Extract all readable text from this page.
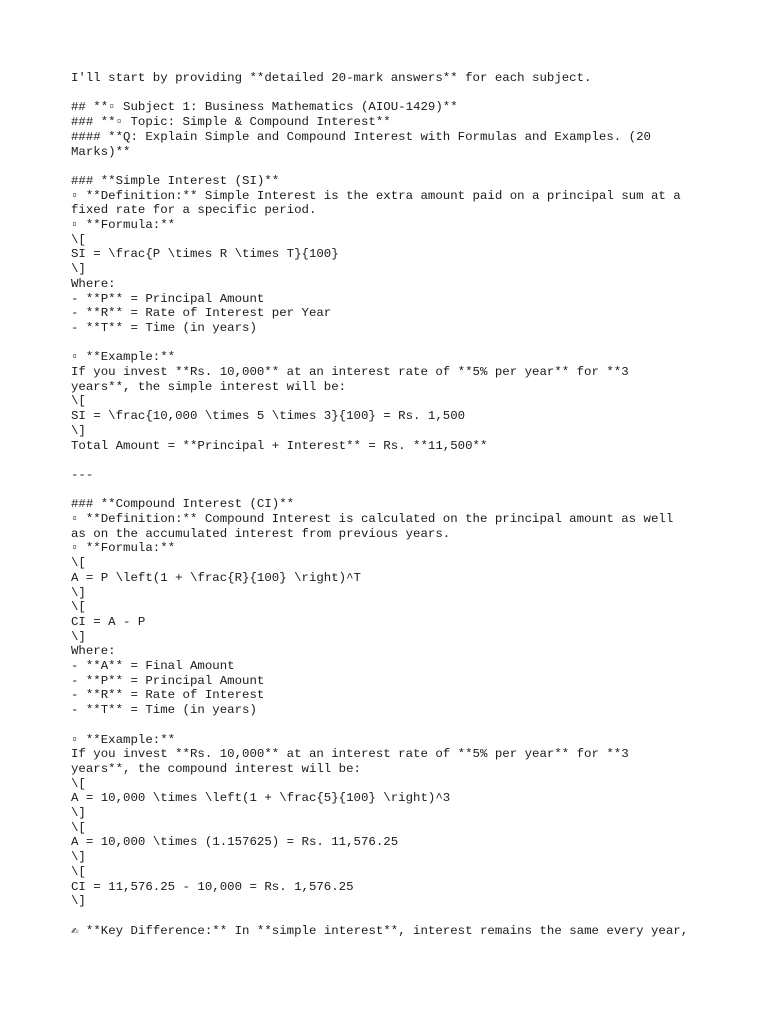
I'll start by providing **detailed 20-mark answers** for each subject.
## **▫ Subject 1: Business Mathematics (AIOU-1429)**
### **▫ Topic: Simple & Compound Interest**
#### **Q: Explain Simple and Compound Interest with Formulas and Examples. (20
Marks)**
### **Simple Interest (SI)**
▫ **Definition:** Simple Interest is the extra amount paid on a principal sum at a
fixed rate for a specific period.
▫ **Formula:**
\[
SI = \frac{P \times R \times T}{100}
\]
Where:
- **P** = Principal Amount
- **R** = Rate of Interest per Year
- **T** = Time (in years)
▫ **Example:**
If you invest **Rs. 10,000** at an interest rate of **5% per year** for **3
years**, the simple interest will be:
\[
SI = \frac{10,000 \times 5 \times 3}{100} = Rs. 1,500
\]
Total Amount = **Principal + Interest** = Rs. **11,500**
---
### **Compound Interest (CI)**
▫ **Definition:** Compound Interest is calculated on the principal amount as well
as on the accumulated interest from previous years.
▫ **Formula:**
\[
A = P \left(1 + \frac{R}{100} \right)^T
\]
\[
CI = A - P
\]
Where:
- **A** = Final Amount
- **P** = Principal Amount
- **R** = Rate of Interest
- **T** = Time (in years)
▫ **Example:**
If you invest **Rs. 10,000** at an interest rate of **5% per year** for **3
years**, the compound interest will be:
\[
A = 10,000 \times \left(1 + \frac{5}{100} \right)^3
\]
\[
A = 10,000 \times (1.157625) = Rs. 11,576.25
\]
\[
CI = 11,576.25 - 10,000 = Rs. 1,576.25
\]
✍ **Key Difference:** In **simple interest**, interest remains the same every year,
